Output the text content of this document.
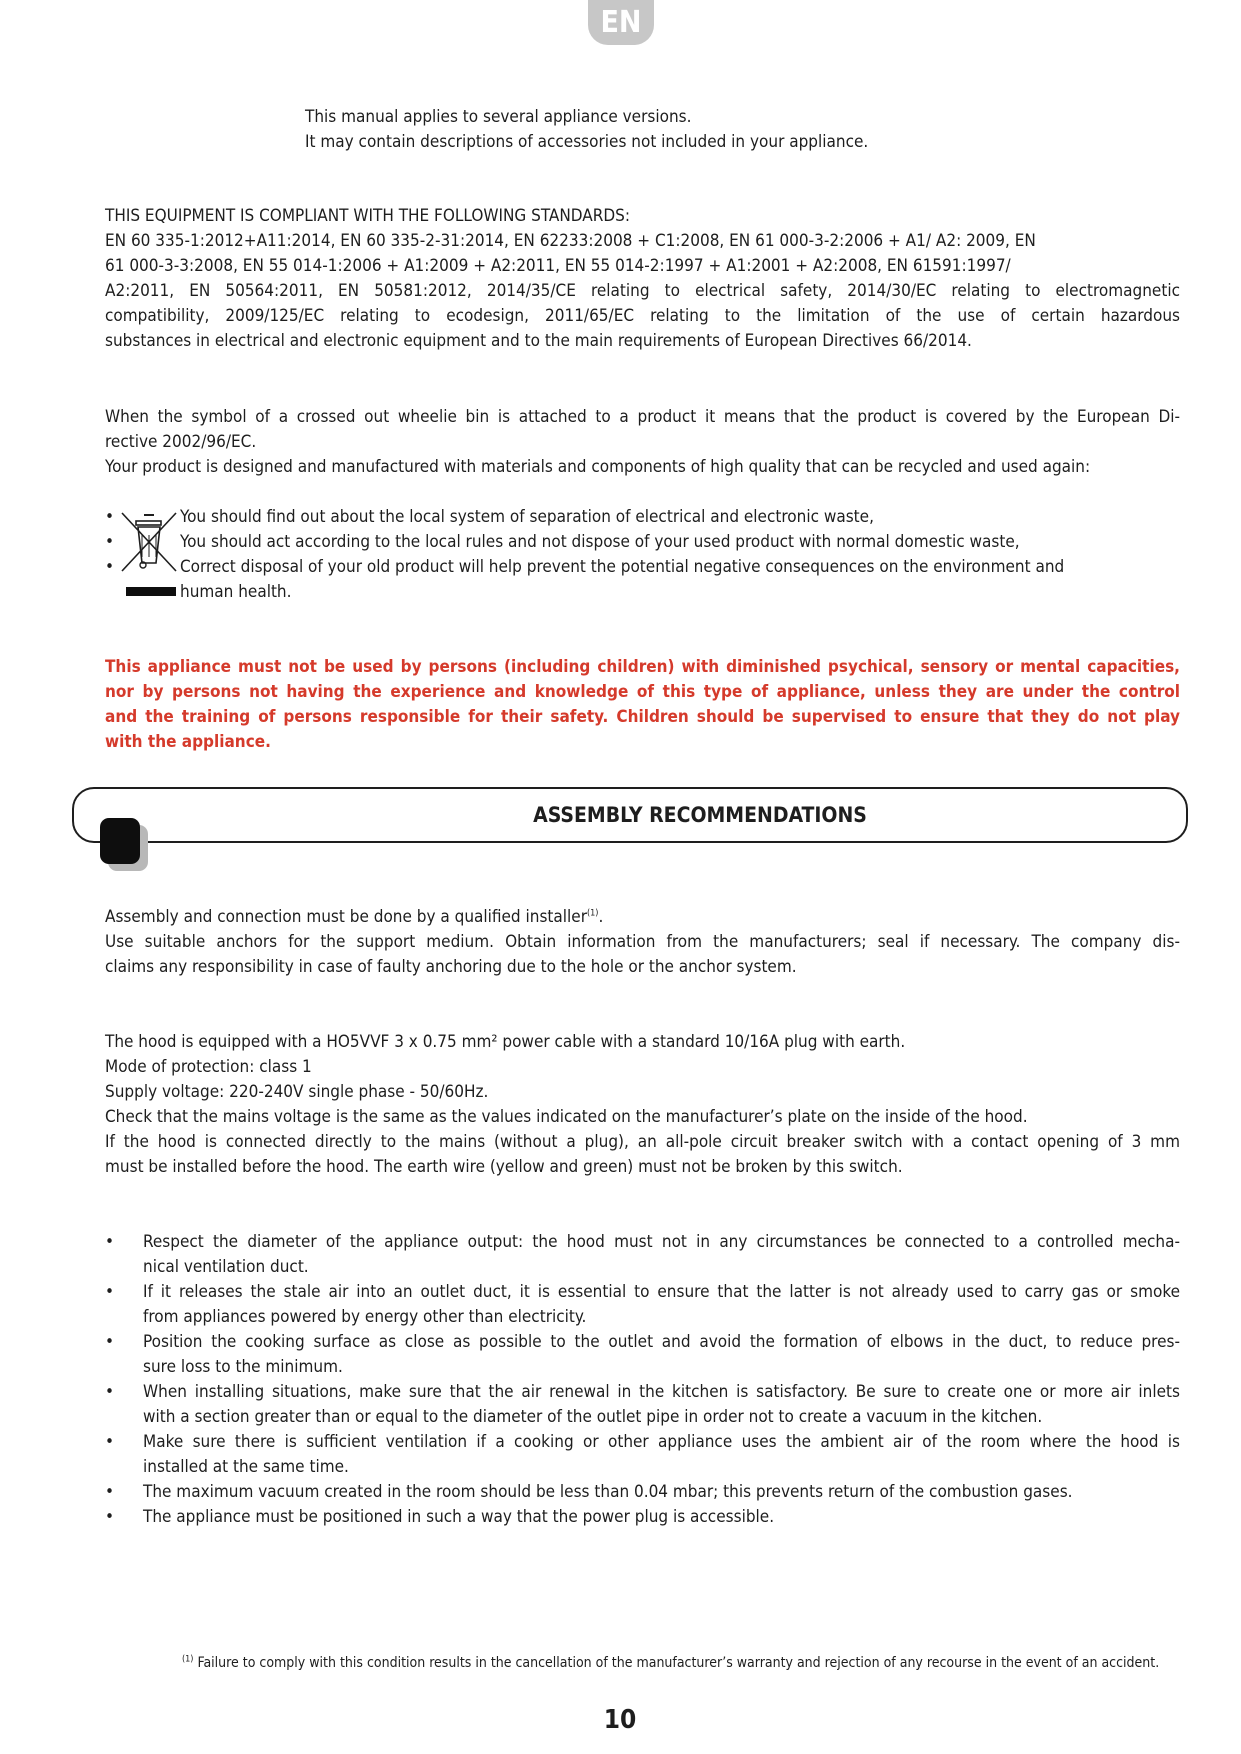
EN
This manual applies to several appliance versions.
It may contain descriptions of accessories not included in your appliance.
THIS EQUIPMENT IS COMPLIANT WITH THE FOLLOWING STANDARDS:
EN 60 335-1:2012+A11:2014, EN 60 335-2-31:2014, EN 62233:2008 + C1:2008, EN 61 000-3-2:2006 + A1/ A2: 2009, EN
61 000-3-3:2008, EN 55 014-1:2006 + A1:2009 + A2:2011, EN 55 014-2:1997 + A1:2001 + A2:2008, EN 61591:1997/
A2:2011, EN 50564:2011, EN 50581:2012, 2014/35/CE relating to electrical safety, 2014/30/EC relating to electromagnetic
compatibility, 2009/125/EC relating to ecodesign, 2011/65/EC relating to the limitation of the use of certain hazardous
substances in electrical and electronic equipment and to the main requirements of European Directives 66/2014.
When the symbol of a crossed out wheelie bin is attached to a product it means that the product is covered by the European Di-
rective 2002/96/EC.
Your product is designed and manufactured with materials and components of high quality that can be recycled and used again:
•
•
•
You should find out about the local system of separation of electrical and electronic waste,
You should act according to the local rules and not dispose of your used product with normal domestic waste,
Correct disposal of your old product will help prevent the potential negative consequences on the environment and
human health.
This appliance must not be used by persons (including children) with diminished psychical, sensory or mental capacities,
nor by persons not having the experience and knowledge of this type of appliance, unless they are under the control
and the training of persons responsible for their safety. Children should be supervised to ensure that they do not play
with the appliance.
ASSEMBLY RECOMMENDATIONS
Assembly and connection must be done by a qualified installer$^{(1)}$.
Use suitable anchors for the support medium. Obtain information from the manufacturers; seal if necessary. The company dis-
claims any responsibility in case of faulty anchoring due to the hole or the anchor system.
The hood is equipped with a HO5VVF 3 x 0.75 mm² power cable with a standard 10/16A plug with earth.
Mode of protection: class 1
Supply voltage: 220-240V single phase - 50/60Hz.
Check that the mains voltage is the same as the values indicated on the manufacturer’s plate on the inside of the hood.
If the hood is connected directly to the mains (without a plug), an all-pole circuit breaker switch with a contact opening of 3 mm
must be installed before the hood. The earth wire (yellow and green) must not be broken by this switch.
• Respect the diameter of the appliance output: the hood must not in any circumstances be connected to a controlled mecha-
nical ventilation duct.
• If it releases the stale air into an outlet duct, it is essential to ensure that the latter is not already used to carry gas or smoke
from appliances powered by energy other than electricity.
• Position the cooking surface as close as possible to the outlet and avoid the formation of elbows in the duct, to reduce pres-
sure loss to the minimum.
• When installing situations, make sure that the air renewal in the kitchen is satisfactory. Be sure to create one or more air inlets
with a section greater than or equal to the diameter of the outlet pipe in order not to create a vacuum in the kitchen.
• Make sure there is sufficient ventilation if a cooking or other appliance uses the ambient air of the room where the hood is
installed at the same time.
• The maximum vacuum created in the room should be less than 0.04 mbar; this prevents return of the combustion gases.
• The appliance must be positioned in such a way that the power plug is accessible.
$^{(1)}$ Failure to comply with this condition results in the cancellation of the manufacturer’s warranty and rejection of any recourse in the event of an accident.
10
